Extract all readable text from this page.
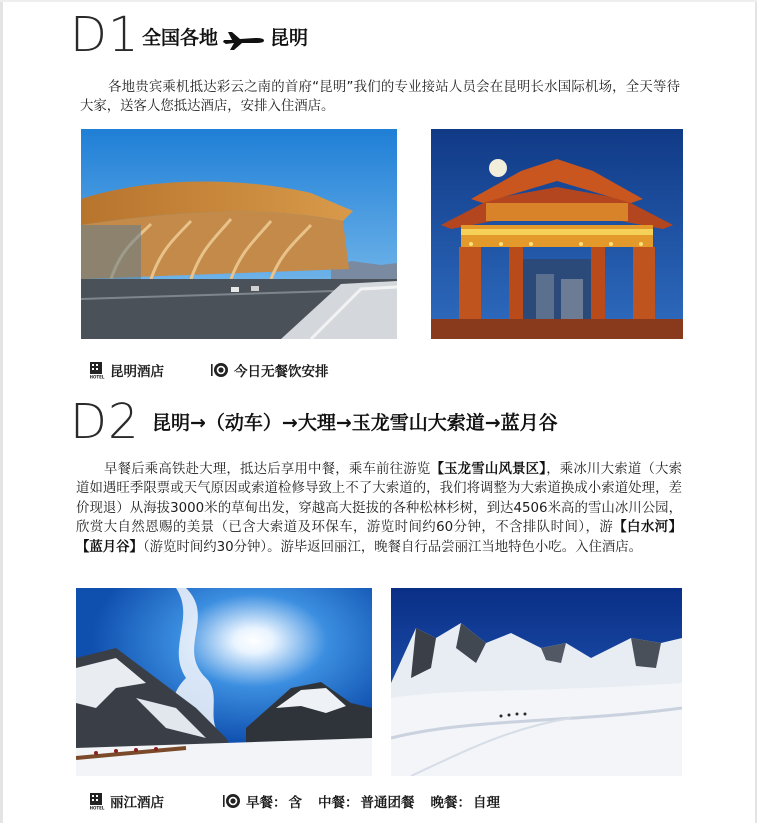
D1 全国各地	昆明

各地贵宾乘机抵达彩云之南的首府“昆明”我们的专业接站人员会在昆明长水国际机场，全天等待大家，送客人您抵达酒店，安排入住酒店。

HOTEL 昆明酒店	今日无餐饮安排
D2 昆明→（动车）→大理→玉龙雪山大索道→蓝月谷

早餐后乘高铁赴大理，抵达后享用中餐，乘车前往游览【玉龙雪山风景区】，乘冰川大索道（大索道如遇旺季限票或天气原因或索道检修导致上不了大索道的，我们将调整为大索道换成小索道处理，差价现退）从海拔3000米的草甸出发，穿越高大挺拔的各种松林杉树，到达4506米高的雪山冰川公园，欣赏大自然恩赐的美景（已含大索道及环保车，游览时间约60分钟，不含排队时间），游【白水河】【蓝月谷】（游览时间约30分钟）。游毕返回丽江，晚餐自行品尝丽江当地特色小吃。入住酒店。

HOTEL 丽江酒店	早餐： 含 中餐： 普通团餐 晚餐： 自理
